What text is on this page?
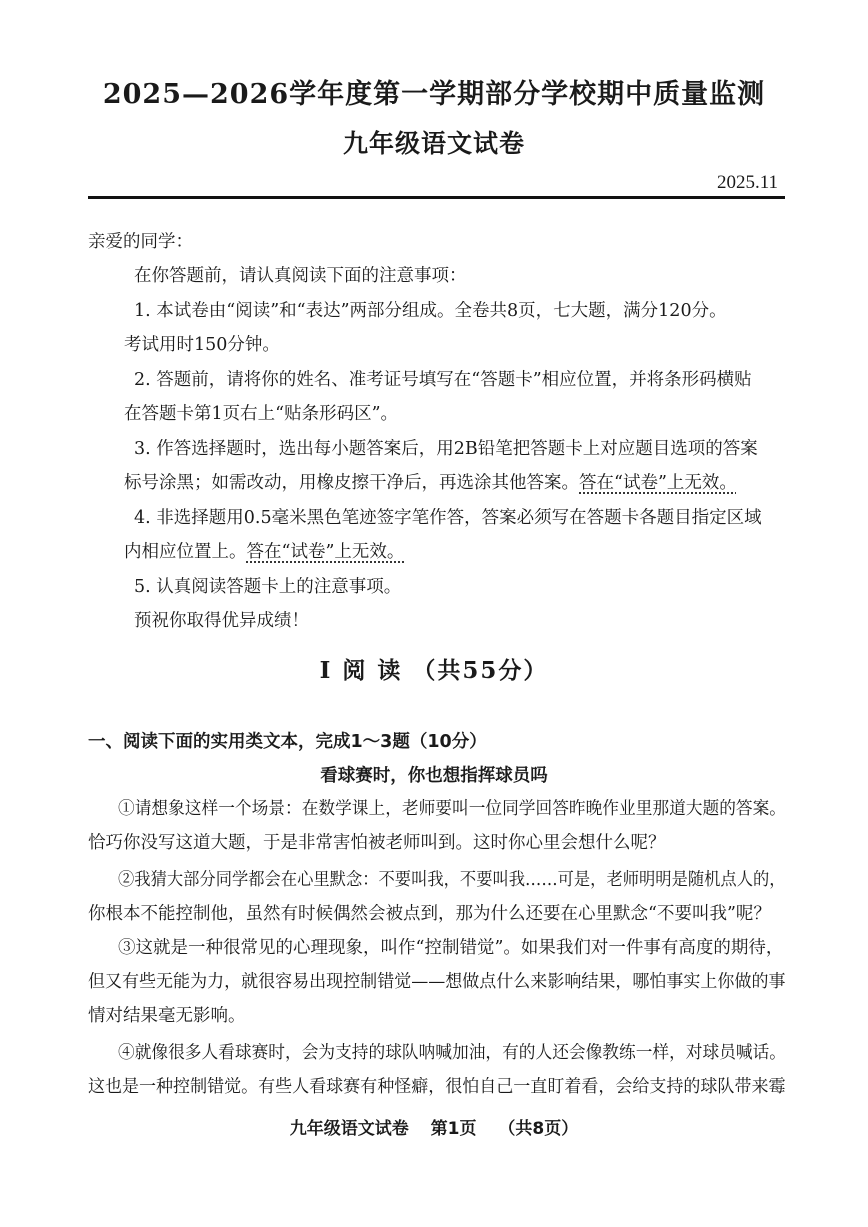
2025—2026学年度第一学期部分学校期中质量监测
九年级语文试卷
2025.11
亲爱的同学：
在你答题前，请认真阅读下面的注意事项：
1. 本试卷由“阅读”和“表达”两部分组成。全卷共8页，七大题，满分120分。
考试用时150分钟。
2. 答题前，请将你的姓名、准考证号填写在“答题卡”相应位置，并将条形码横贴
在答题卡第1页右上“贴条形码区”。
3. 作答选择题时，选出每小题答案后，用2B铅笔把答题卡上对应题目选项的答案
标号涂黑；如需改动，用橡皮擦干净后，再选涂其他答案。答在“试卷”上无效。
4. 非选择题用0.5毫米黑色笔迹签字笔作答，答案必须写在答题卡各题目指定区域
内相应位置上。答在“试卷”上无效。
5. 认真阅读答题卡上的注意事项。
预祝你取得优异成绩！
Ⅰ 阅 读 （共55分）
一、阅读下面的实用类文本，完成1～3题（10分）
看球赛时，你也想指挥球员吗
①请想象这样一个场景：在数学课上，老师要叫一位同学回答昨晚作业里那道大题的答案。
恰巧你没写这道大题，于是非常害怕被老师叫到。这时你心里会想什么呢？
②我猜大部分同学都会在心里默念：不要叫我，不要叫我……可是，老师明明是随机点人的，
你根本不能控制他，虽然有时候偶然会被点到，那为什么还要在心里默念“不要叫我”呢？
③这就是一种很常见的心理现象，叫作“控制错觉”。如果我们对一件事有高度的期待，
但又有些无能为力，就很容易出现控制错觉——想做点什么来影响结果，哪怕事实上你做的事
情对结果毫无影响。
④就像很多人看球赛时，会为支持的球队呐喊加油，有的人还会像教练一样，对球员喊话。
这也是一种控制错觉。有些人看球赛有种怪癖，很怕自己一直盯着看，会给支持的球队带来霉
九年级语文试卷 第1页 （共8页）
